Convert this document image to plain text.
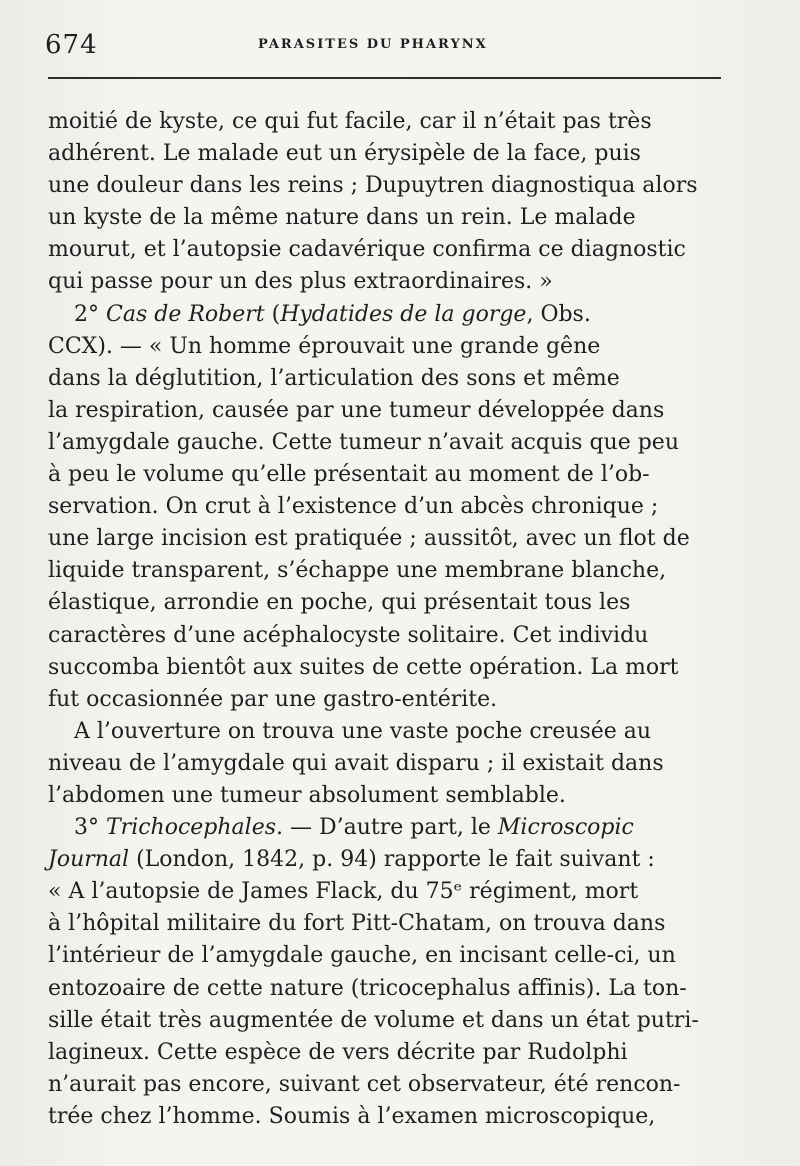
674	PARASITES DU PHARYNX
moitié de kyste, ce qui fut facile, car il n’était pas très
adhérent. Le malade eut un érysipèle de la face, puis
une douleur dans les reins ; Dupuytren diagnostiqua alors
un kyste de la même nature dans un rein. Le malade
mourut, et l’autopsie cadavérique confirma ce diagnostic
qui passe pour un des plus extraordinaires. »
2° Cas de Robert (Hydatides de la gorge, Obs.
CCX). — « Un homme éprouvait une grande gêne
dans la déglutition, l’articulation des sons et même
la respiration, causée par une tumeur développée dans
l’amygdale gauche. Cette tumeur n’avait acquis que peu
à peu le volume qu’elle présentait au moment de l’ob-
servation. On crut à l’existence d’un abcès chronique ;
une large incision est pratiquée ; aussitôt, avec un flot de
liquide transparent, s’échappe une membrane blanche,
élastique, arrondie en poche, qui présentait tous les
caractères d’une acéphalocyste solitaire. Cet individu
succomba bientôt aux suites de cette opération. La mort
fut occasionnée par une gastro-entérite.
A l’ouverture on trouva une vaste poche creusée au
niveau de l’amygdale qui avait disparu ; il existait dans
l’abdomen une tumeur absolument semblable.
3° Trichocephales. — D’autre part, le Microscopic
Journal (London, 1842, p. 94) rapporte le fait suivant :
« A l’autopsie de James Flack, du 75ᵉ régiment, mort
à l’hôpital militaire du fort Pitt-Chatam, on trouva dans
l’intérieur de l’amygdale gauche, en incisant celle-ci, un
entozoaire de cette nature (tricocephalus affinis). La ton-
sille était très augmentée de volume et dans un état putri-
lagineux. Cette espèce de vers décrite par Rudolphi
n’aurait pas encore, suivant cet observateur, été rencon-
trée chez l’homme. Soumis à l’examen microscopique,
